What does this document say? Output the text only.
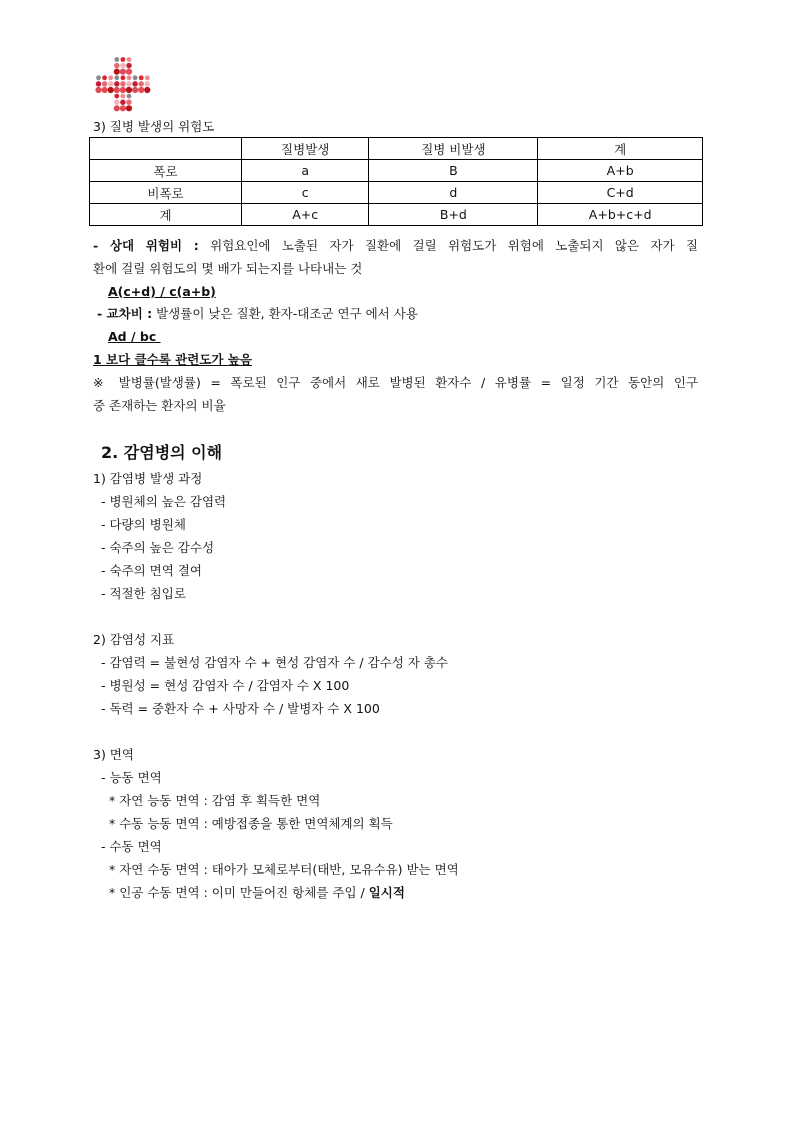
3) 질병 발생의 위험도
	질병발생	질병 비발생	계
폭로	a	B	A+b
비폭로	c	d	C+d
계	A+c	B+d	A+b+c+d
- 상대 위험비 : 위험요인에 노출된 자가 질환에 걸릴 위험도가 위험에 노출되지 않은 자가 질
환에 걸릴 위험도의 몇 배가 되는지를 나타내는 것
A(c+d) / c(a+b)
- 교차비 : 발생률이 낮은 질환, 환자-대조군 연구 에서 사용
Ad / bc
1 보다 클수록 관련도가 높음
※ 발병률(발생률) = 폭로된 인구 중에서 새로 발병된 환자수 / 유병률 = 일정 기간 동안의 인구
중 존재하는 환자의 비율
2. 감염병의 이해
1) 감염병 발생 과정
- 병원체의 높은 감염력
- 다량의 병원체
- 숙주의 높은 감수성
- 숙주의 면역 결여
- 적절한 침입로
2) 감염성 지표
- 감염력 = 불현성 감염자 수 + 현성 감염자 수 / 감수성 자 총수
- 병원성 = 현성 감염자 수 / 감염자 수 X 100
- 독력 = 중환자 수 + 사망자 수 / 발병자 수 X 100
3) 면역
- 능동 면역
* 자연 능동 면역 : 감염 후 획득한 면역
* 수동 능동 면역 : 예방접종을 통한 면역체계의 획득
- 수동 면역
* 자연 수동 면역 : 태아가 모체로부터(태반, 모유수유) 받는 면역
* 인공 수동 면역 : 이미 만들어진 항체를 주입 / 일시적
